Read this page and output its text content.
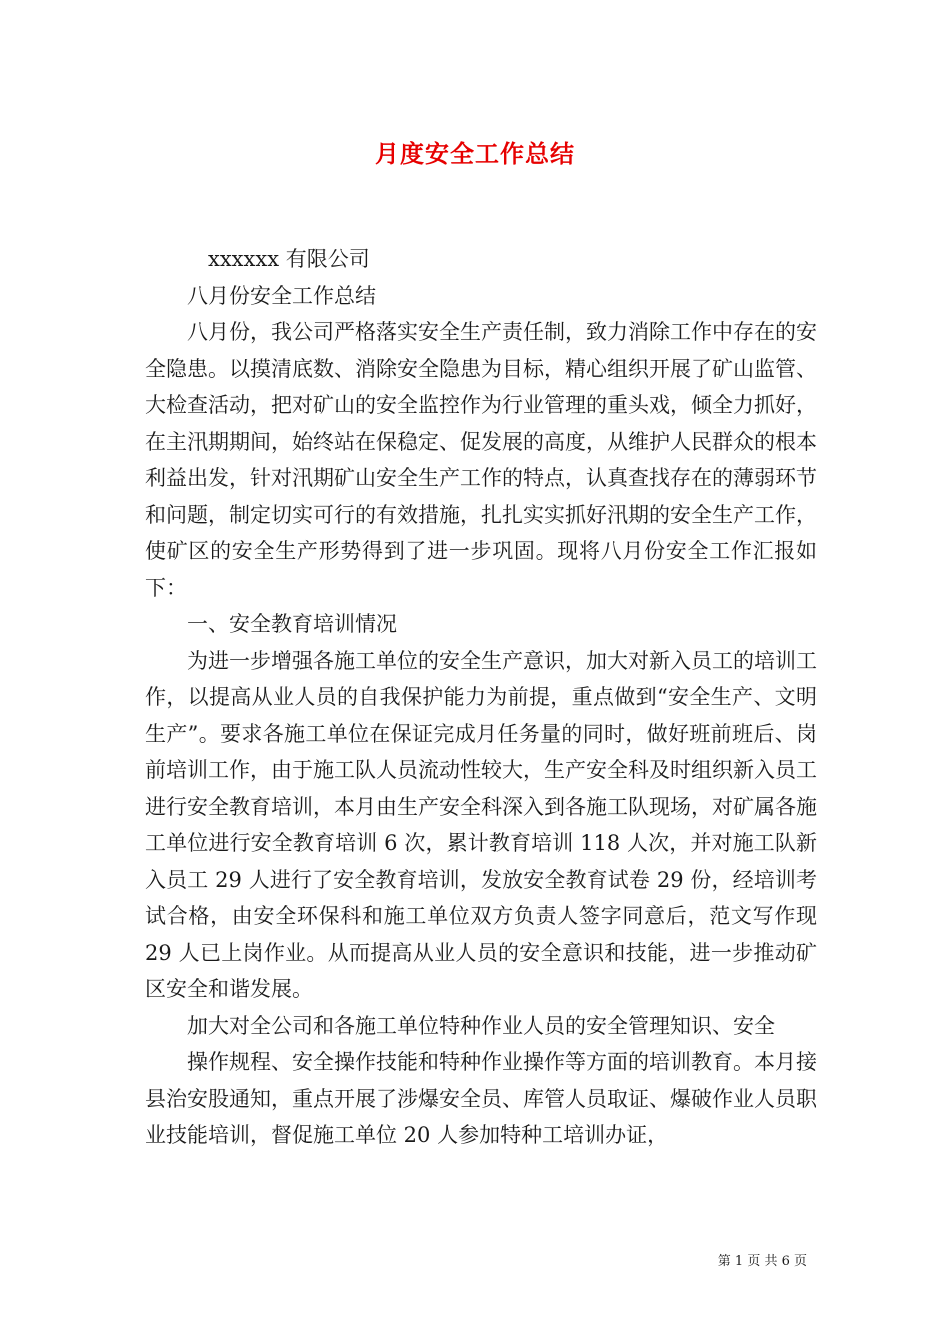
月度安全工作总结

xxxxxx 有限公司

八月份安全工作总结

八月份，我公司严格落实安全生产责任制，致力消除工作中存在的安全隐患。以摸清底数、消除安全隐患为目标，精心组织开展了矿山监管、大检查活动，把对矿山的安全监控作为行业管理的重头戏，倾全力抓好，在主汛期期间，始终站在保稳定、促发展的高度，从维护人民群众的根本利益出发，针对汛期矿山安全生产工作的特点，认真查找存在的薄弱环节和问题，制定切实可行的有效措施，扎扎实实抓好汛期的安全生产工作，使矿区的安全生产形势得到了进一步巩固。现将八月份安全工作汇报如下：

一、安全教育培训情况

为进一步增强各施工单位的安全生产意识，加大对新入员工的培训工作，以提高从业人员的自我保护能力为前提，重点做到“安全生产、文明生产”。要求各施工单位在保证完成月任务量的同时，做好班前班后、岗前培训工作，由于施工队人员流动性较大，生产安全科及时组织新入员工进行安全教育培训，本月由生产安全科深入到各施工队现场，对矿属各施工单位进行安全教育培训 6 次，累计教育培训 118 人次，并对施工队新入员工 29 人进行了安全教育培训，发放安全教育试卷 29 份，经培训考试合格，由安全环保科和施工单位双方负责人签字同意后，范文写作现 29 人已上岗作业。从而提高从业人员的安全意识和技能，进一步推动矿区安全和谐发展。

加大对全公司和各施工单位特种作业人员的安全管理知识、安全

操作规程、安全操作技能和特种作业操作等方面的培训教育。本月接县治安股通知，重点开展了涉爆安全员、库管人员取证、爆破作业人员职业技能培训，督促施工单位 20 人参加特种工培训办证，

第 1 页 共 6 页
